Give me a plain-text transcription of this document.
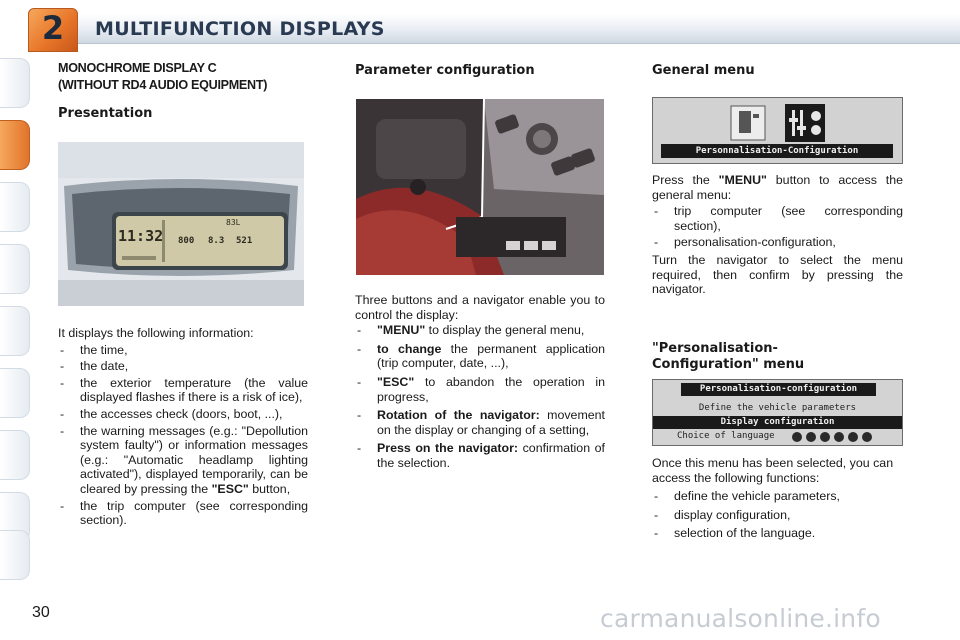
2	MULTIFUNCTION DISPLAYS
MONOCHROME DISPLAY C
(WITHOUT RD4 AUDIO EQUIPMENT)
Presentation
11:32
83L
800 8.3 521
It displays the following information:
- the time,
- the date,
- the exterior temperature (the value displayed flashes if there is a risk of ice),
- the accesses check (doors, boot, ...),
- the warning messages (e.g.: "Depollution system faulty") or information messages (e.g.: "Automatic headlamp lighting activated"), displayed temporarily, can be cleared by pressing the "ESC" button,
- the trip computer (see corresponding section).
Parameter configuration
Three buttons and a navigator enable you to control the display:
- "MENU" to display the general menu,
- to change the permanent application (trip computer, date, ...),
- "ESC" to abandon the operation in progress,
- Rotation of the navigator: movement on the display or changing of a setting,
- Press on the navigator: confirmation of the selection.
General menu
Personnalisation-Configuration
Press the "MENU" button to access the general menu:
- trip computer (see corresponding section),
- personalisation-configuration,
Turn the navigator to select the menu required, then confirm by pressing the navigator.
"Personalisation-
Configuration" menu
Personalisation-configuration
Define the vehicle parameters
Display configuration
Choice of language
Once this menu has been selected, you can access the following functions:
- define the vehicle parameters,
- display configuration,
- selection of the language.
30	carmanualsonline.info
